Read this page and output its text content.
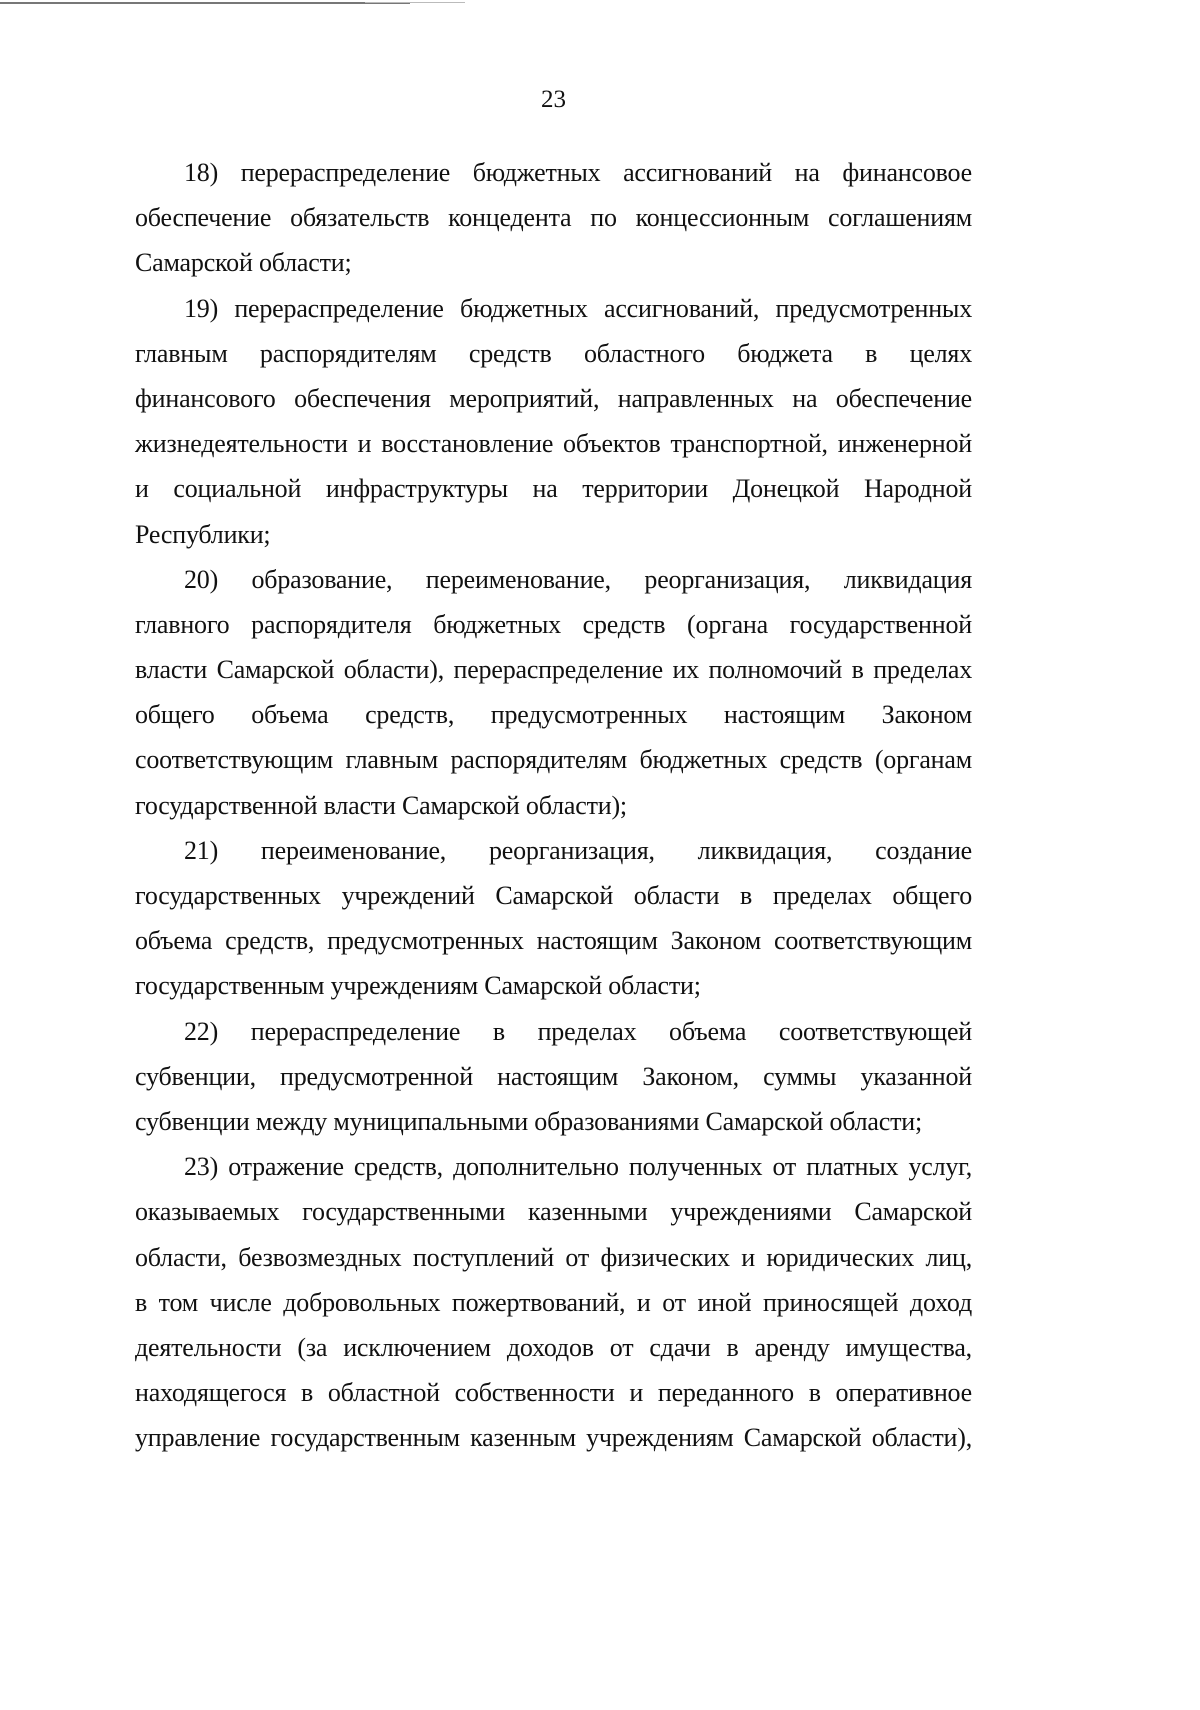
23
18) перераспределение бюджетных ассигнований на финансовое
обеспечение обязательств концедента по концессионным соглашениям
Самарской области;
19) перераспределение бюджетных ассигнований, предусмотренных
главным распорядителям средств областного бюджета в целях
финансового обеспечения мероприятий, направленных на обеспечение
жизнедеятельности и восстановление объектов транспортной, инженерной
и социальной инфраструктуры на территории Донецкой Народной
Республики;
20) образование, переименование, реорганизация, ликвидация
главного распорядителя бюджетных средств (органа государственной
власти Самарской области), перераспределение их полномочий в пределах
общего объема средств, предусмотренных настоящим Законом
соответствующим главным распорядителям бюджетных средств (органам
государственной власти Самарской области);
21) переименование, реорганизация, ликвидация, создание
государственных учреждений Самарской области в пределах общего
объема средств, предусмотренных настоящим Законом соответствующим
государственным учреждениям Самарской области;
22) перераспределение в пределах объема соответствующей
субвенции, предусмотренной настоящим Законом, суммы указанной
субвенции между муниципальными образованиями Самарской области;
23) отражение средств, дополнительно полученных от платных услуг,
оказываемых государственными казенными учреждениями Самарской
области, безвозмездных поступлений от физических и юридических лиц,
в том числе добровольных пожертвований, и от иной приносящей доход
деятельности (за исключением доходов от сдачи в аренду имущества,
находящегося в областной собственности и переданного в оперативное
управление государственным казенным учреждениям Самарской области),
